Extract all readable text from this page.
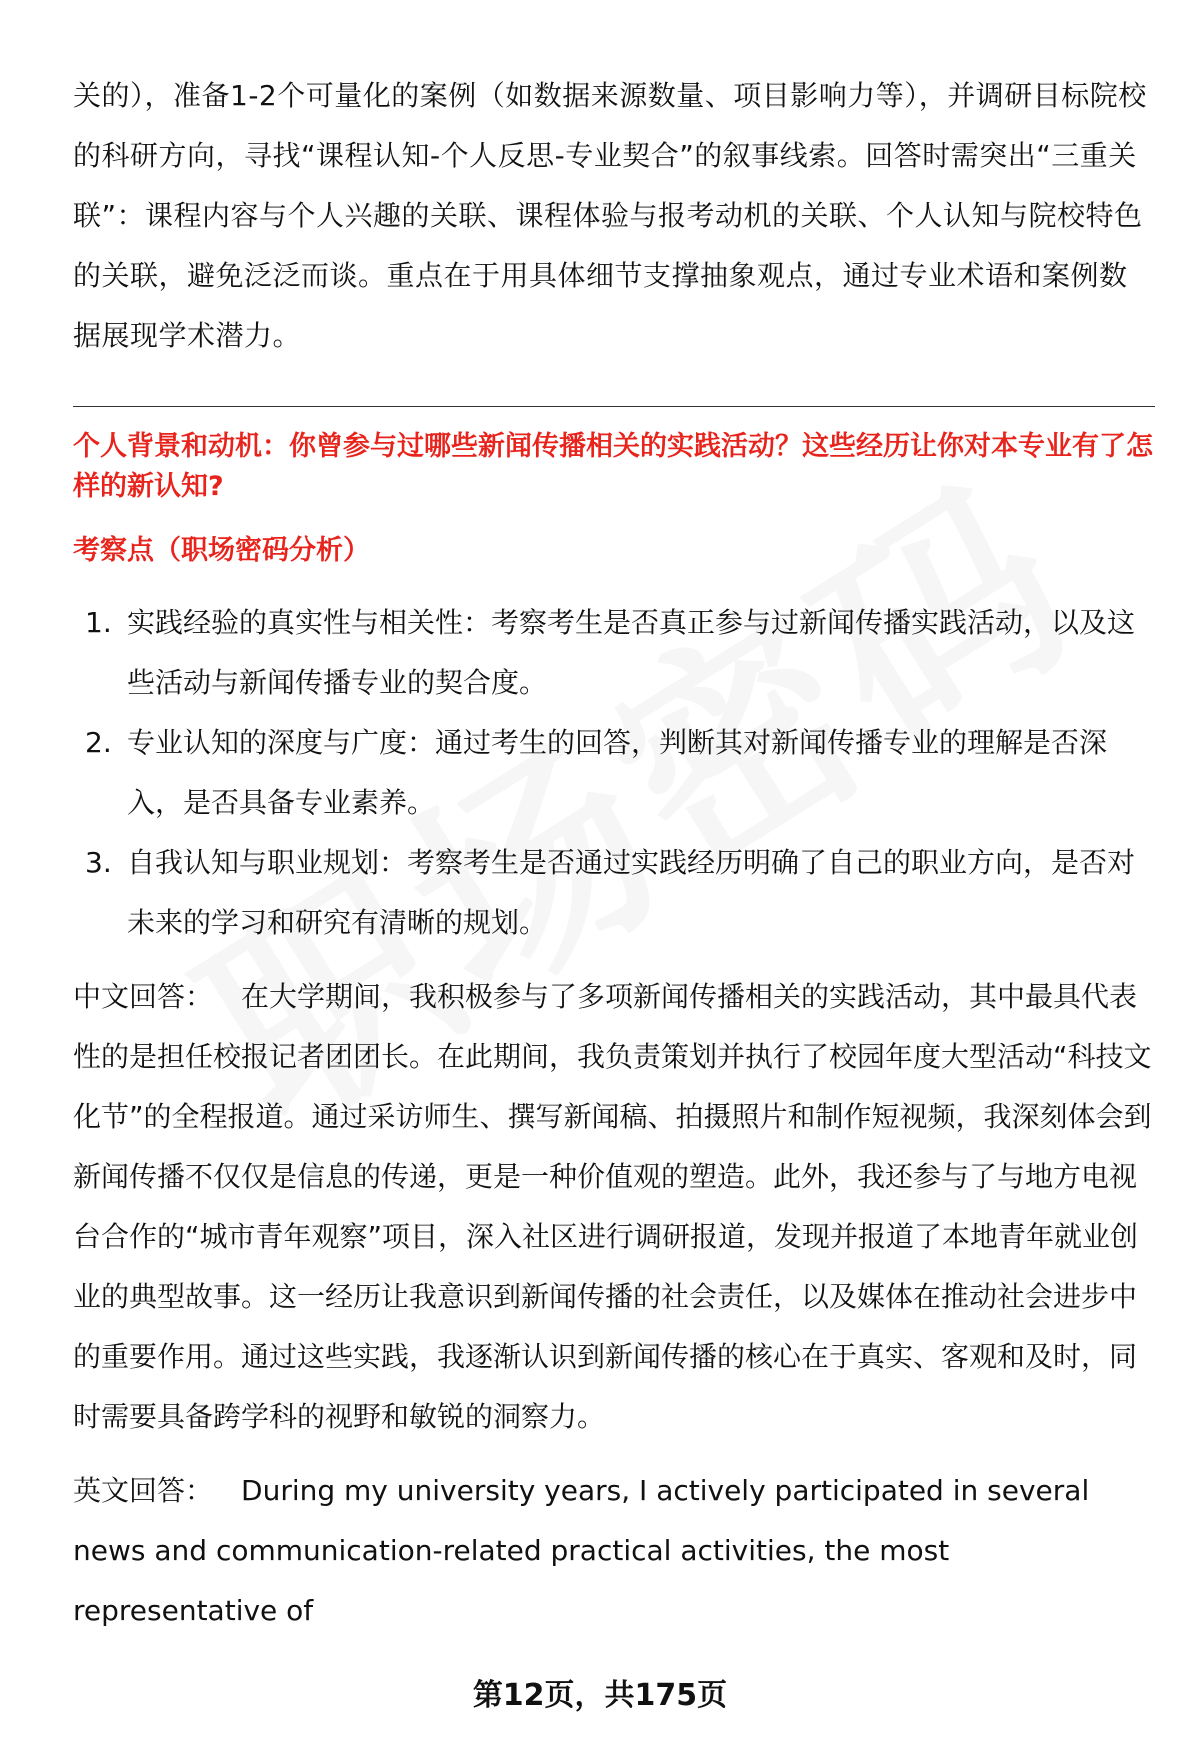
关的），准备1-2个可量化的案例（如数据来源数量、项目影响力等），并调研目标院校的科研方向，寻找“课程认知-个人反思-专业契合”的叙事线索。回答时需突出“三重关联”：课程内容与个人兴趣的关联、课程体验与报考动机的关联、个人认知与院校特色的关联，避免泛泛而谈。重点在于用具体细节支撑抽象观点，通过专业术语和案例数据展现学术潜力。

个人背景和动机：你曾参与过哪些新闻传播相关的实践活动？这些经历让你对本专业有了怎样的新认知?

考察点（职场密码分析）

1. 实践经验的真实性与相关性：考察考生是否真正参与过新闻传播实践活动，以及这些活动与新闻传播专业的契合度。
2. 专业认知的深度与广度：通过考生的回答，判断其对新闻传播专业的理解是否深入，是否具备专业素养。
3. 自我认知与职业规划：考察考生是否通过实践经历明确了自己的职业方向，是否对未来的学习和研究有清晰的规划。

中文回答： 在大学期间，我积极参与了多项新闻传播相关的实践活动，其中最具代表性的是担任校报记者团团长。在此期间，我负责策划并执行了校园年度大型活动“科技文化节”的全程报道。通过采访师生、撰写新闻稿、拍摄照片和制作短视频，我深刻体会到新闻传播不仅仅是信息的传递，更是一种价值观的塑造。此外，我还参与了与地方电视台合作的“城市青年观察”项目，深入社区进行调研报道，发现并报道了本地青年就业创业的典型故事。这一经历让我意识到新闻传播的社会责任，以及媒体在推动社会进步中的重要作用。通过这些实践，我逐渐认识到新闻传播的核心在于真实、客观和及时，同时需要具备跨学科的视野和敏锐的洞察力。

英文回答： During my university years, I actively participated in several news and communication-related practical activities, the most representative of

第12页，共175页
